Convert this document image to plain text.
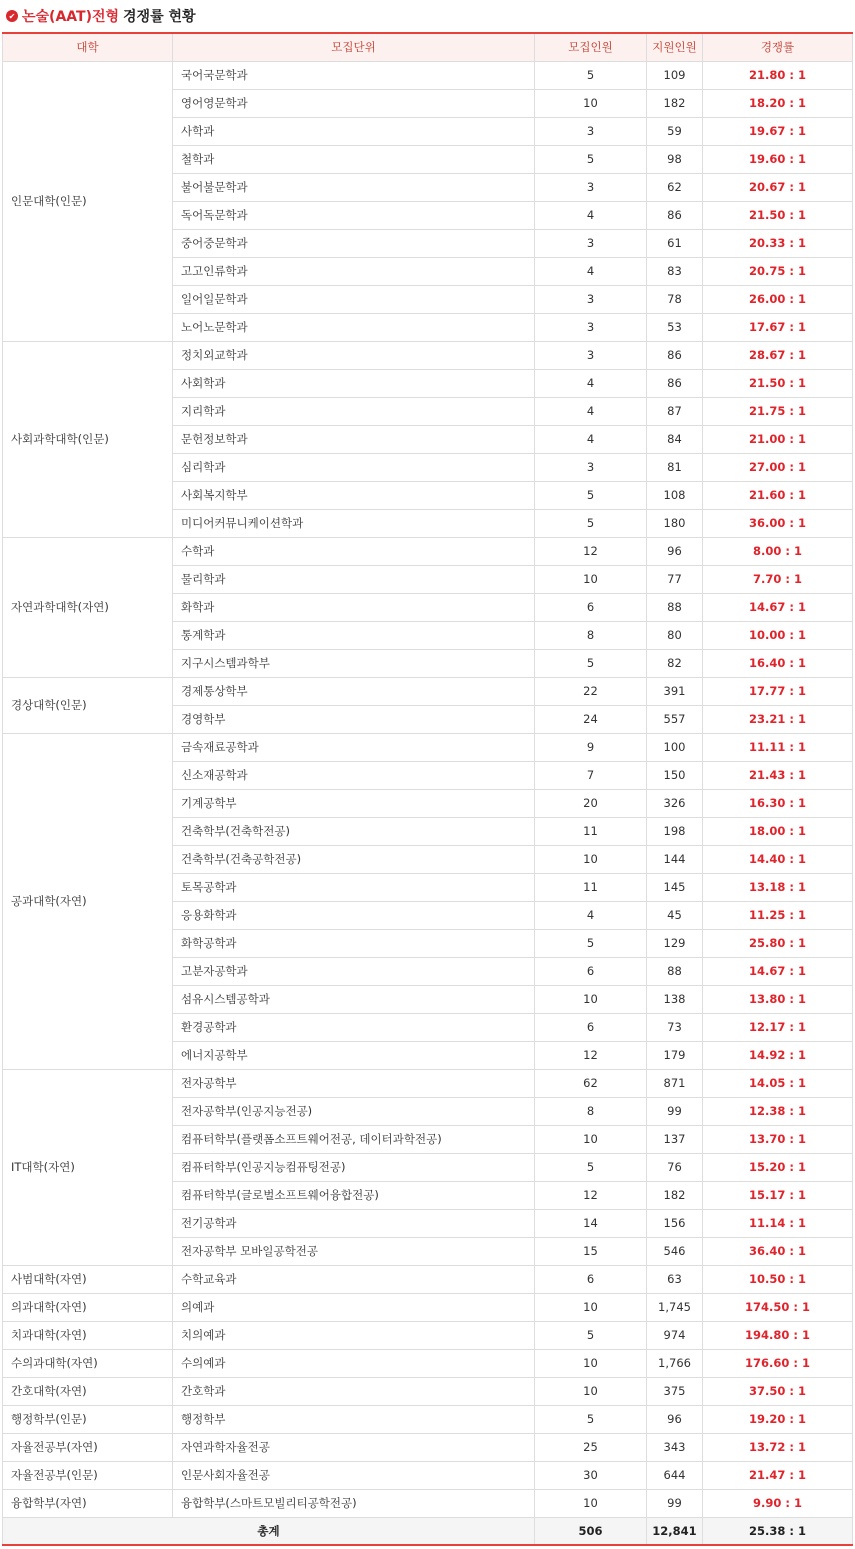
✔ 논술(AAT)전형 경쟁률 현황
대학	모집단위	모집인원	지원인원	경쟁률
인문대학(인문)	국어국문학과	5	109	21.80 : 1
	영어영문학과	10	182	18.20 : 1
	사학과	3	59	19.67 : 1
	철학과	5	98	19.60 : 1
	불어불문학과	3	62	20.67 : 1
	독어독문학과	4	86	21.50 : 1
	중어중문학과	3	61	20.33 : 1
	고고인류학과	4	83	20.75 : 1
	일어일문학과	3	78	26.00 : 1
	노어노문학과	3	53	17.67 : 1
사회과학대학(인문)	정치외교학과	3	86	28.67 : 1
	사회학과	4	86	21.50 : 1
	지리학과	4	87	21.75 : 1
	문헌정보학과	4	84	21.00 : 1
	심리학과	3	81	27.00 : 1
	사회복지학부	5	108	21.60 : 1
	미디어커뮤니케이션학과	5	180	36.00 : 1
자연과학대학(자연)	수학과	12	96	8.00 : 1
	물리학과	10	77	7.70 : 1
	화학과	6	88	14.67 : 1
	통계학과	8	80	10.00 : 1
	지구시스템과학부	5	82	16.40 : 1
경상대학(인문)	경제통상학부	22	391	17.77 : 1
	경영학부	24	557	23.21 : 1
공과대학(자연)	금속재료공학과	9	100	11.11 : 1
	신소재공학과	7	150	21.43 : 1
	기계공학부	20	326	16.30 : 1
	건축학부(건축학전공)	11	198	18.00 : 1
	건축학부(건축공학전공)	10	144	14.40 : 1
	토목공학과	11	145	13.18 : 1
	응용화학과	4	45	11.25 : 1
	화학공학과	5	129	25.80 : 1
	고분자공학과	6	88	14.67 : 1
	섬유시스템공학과	10	138	13.80 : 1
	환경공학과	6	73	12.17 : 1
	에너지공학부	12	179	14.92 : 1
IT대학(자연)	전자공학부	62	871	14.05 : 1
	전자공학부(인공지능전공)	8	99	12.38 : 1
	컴퓨터학부(플랫폼소프트웨어전공, 데이터과학전공)	10	137	13.70 : 1
	컴퓨터학부(인공지능컴퓨팅전공)	5	76	15.20 : 1
	컴퓨터학부(글로벌소프트웨어융합전공)	12	182	15.17 : 1
	전기공학과	14	156	11.14 : 1
	전자공학부 모바일공학전공	15	546	36.40 : 1
사범대학(자연)	수학교육과	6	63	10.50 : 1
의과대학(자연)	의예과	10	1,745	174.50 : 1
치과대학(자연)	치의예과	5	974	194.80 : 1
수의과대학(자연)	수의예과	10	1,766	176.60 : 1
간호대학(자연)	간호학과	10	375	37.50 : 1
행정학부(인문)	행정학부	5	96	19.20 : 1
자율전공부(자연)	자연과학자율전공	25	343	13.72 : 1
자율전공부(인문)	인문사회자율전공	30	644	21.47 : 1
융합학부(자연)	융합학부(스마트모빌리티공학전공)	10	99	9.90 : 1
총계		506	12,841	25.38 : 1
